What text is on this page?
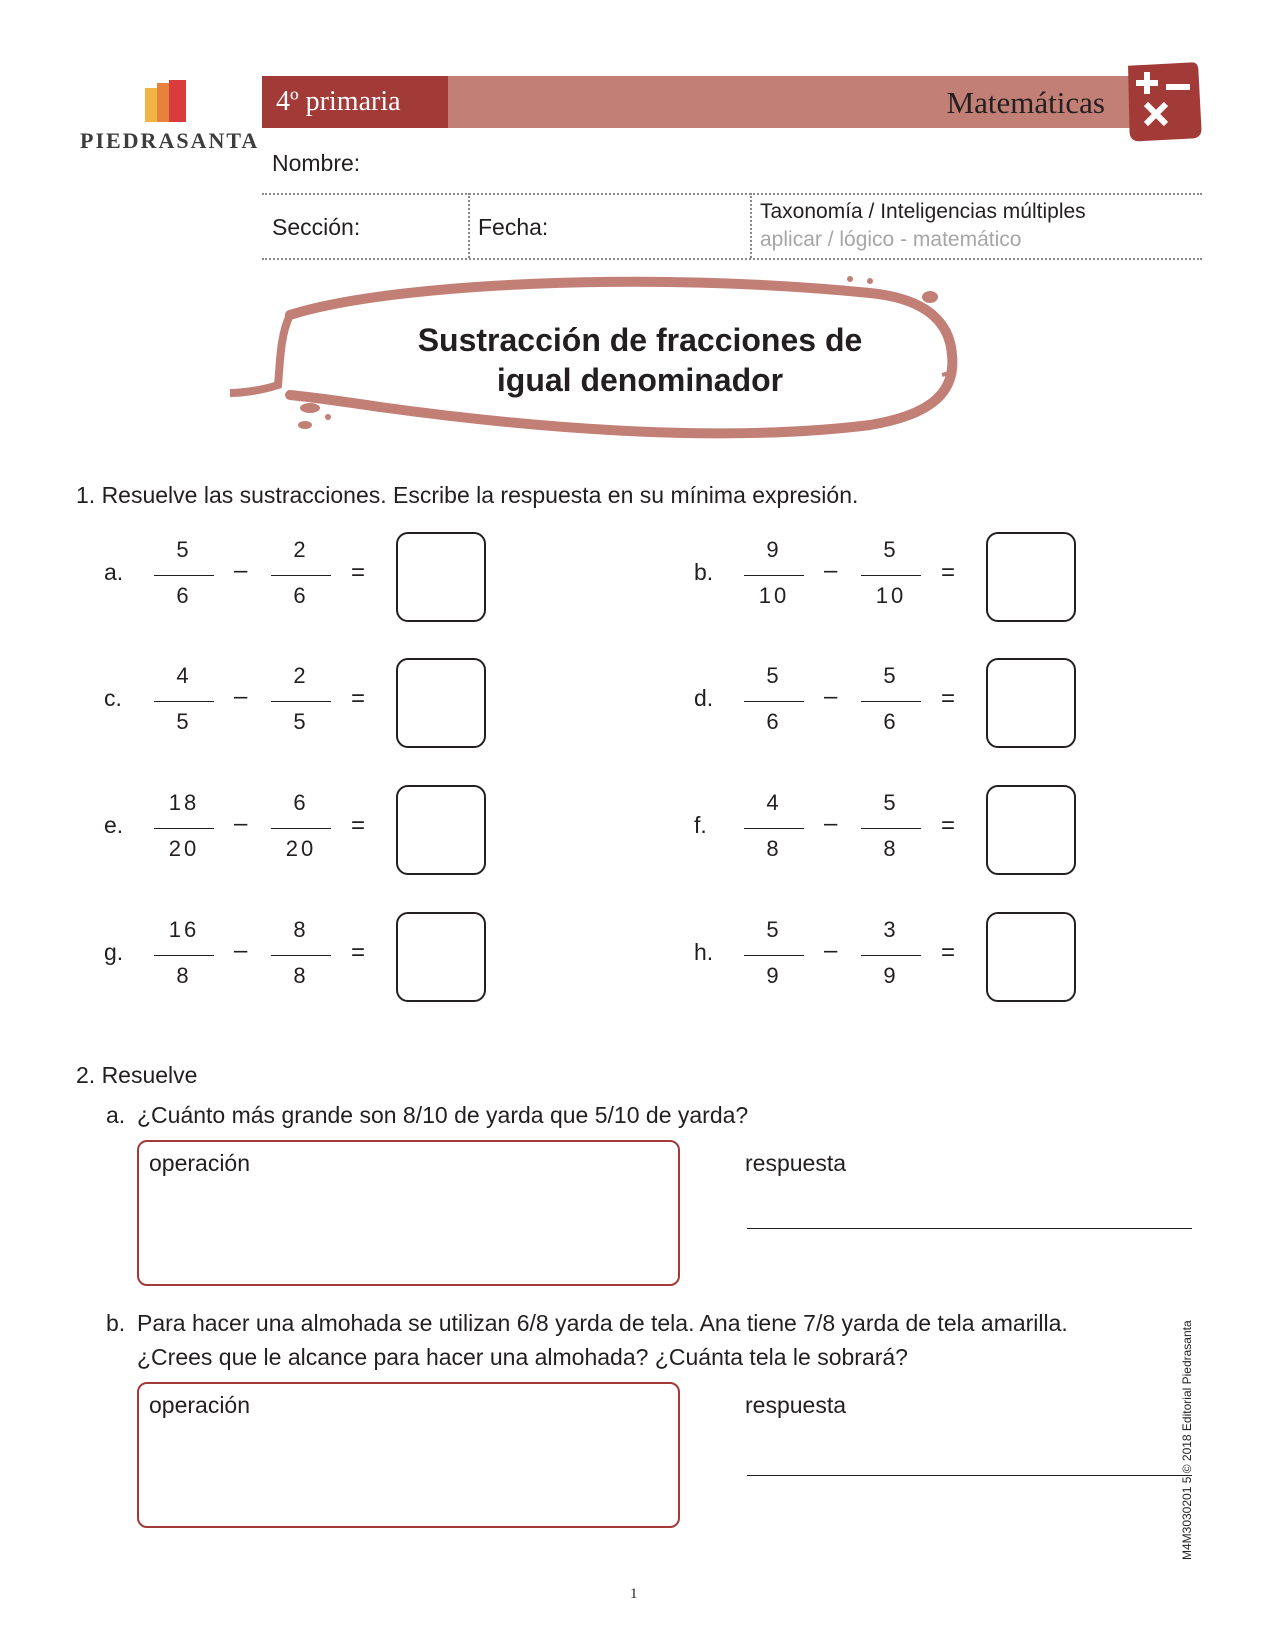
PIEDRASANTA
4º primaria	Matemáticas
Nombre:
Sección:	Fecha:
Taxonomía / Inteligencias múltiples
aplicar / lógico - matemático
Sustracción de fracciones de
igual denominador
1. Resuelve las sustracciones. Escribe la respuesta en su mínima expresión.
a.
5
6
–
2
6
=	b.
9
10
–
5
10
=
c.
4
5
–
2
5
=	d.
5
6
–
5
6
=
e.
18
20
–
6
20
=	f.
4
8
–
5
8
=
g.
16
8
–
8
8
=	h.
5
9
–
3
9
=
2. Resuelve
a. ¿Cuánto más grande son 8/10 de yarda que 5/10 de yarda?
operación	respuesta
b. Para hacer una almohada se utilizan 6/8 yarda de tela. Ana tiene 7/8 yarda de tela amarilla.
¿Crees que le alcance para hacer una almohada? ¿Cuánta tela le sobrará?
operación	respuesta	M4M3030201 5 © 2018 Editorial Piedrasanta
1
